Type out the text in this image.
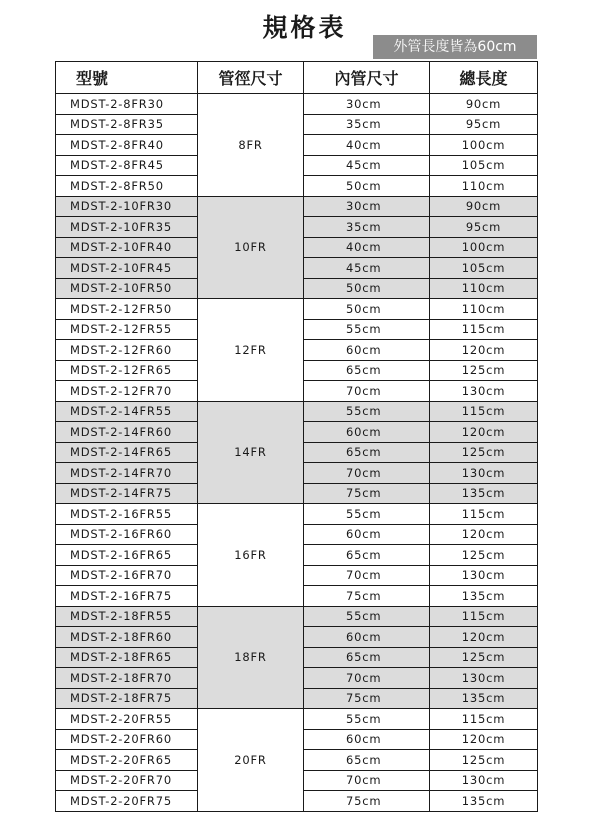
規格表
外管長度皆為60cm
型號	管徑尺寸	內管尺寸	總長度
MDST-2-8FR30	8FR	30cm	90cm
MDST-2-8FR35		35cm	95cm
MDST-2-8FR40		40cm	100cm
MDST-2-8FR45		45cm	105cm
MDST-2-8FR50		50cm	110cm
MDST-2-10FR30	10FR	30cm	90cm
MDST-2-10FR35		35cm	95cm
MDST-2-10FR40		40cm	100cm
MDST-2-10FR45		45cm	105cm
MDST-2-10FR50		50cm	110cm
MDST-2-12FR50	12FR	50cm	110cm
MDST-2-12FR55		55cm	115cm
MDST-2-12FR60		60cm	120cm
MDST-2-12FR65		65cm	125cm
MDST-2-12FR70		70cm	130cm
MDST-2-14FR55	14FR	55cm	115cm
MDST-2-14FR60		60cm	120cm
MDST-2-14FR65		65cm	125cm
MDST-2-14FR70		70cm	130cm
MDST-2-14FR75		75cm	135cm
MDST-2-16FR55	16FR	55cm	115cm
MDST-2-16FR60		60cm	120cm
MDST-2-16FR65		65cm	125cm
MDST-2-16FR70		70cm	130cm
MDST-2-16FR75		75cm	135cm
MDST-2-18FR55	18FR	55cm	115cm
MDST-2-18FR60		60cm	120cm
MDST-2-18FR65		65cm	125cm
MDST-2-18FR70		70cm	130cm
MDST-2-18FR75		75cm	135cm
MDST-2-20FR55	20FR	55cm	115cm
MDST-2-20FR60		60cm	120cm
MDST-2-20FR65		65cm	125cm
MDST-2-20FR70		70cm	130cm
MDST-2-20FR75		75cm	135cm
